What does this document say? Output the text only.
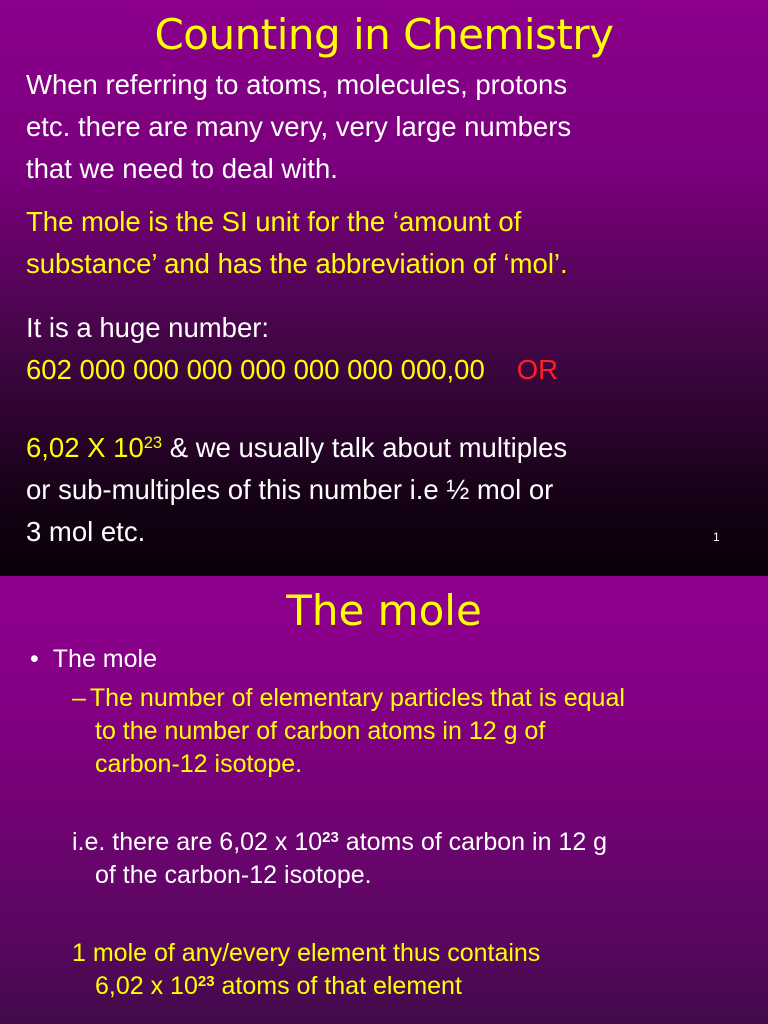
Counting in Chemistry
When referring to atoms, molecules, protons
etc. there are many very, very large numbers
that we need to deal with.
The mole is the SI unit for the ‘amount of
substance’ and has the abbreviation of ‘mol’.
It is a huge number:
602 000 000 000 000 000 000 000,00 OR
6,02 X $10^{23}$ & we usually talk about multiples
or sub-multiples of this number i.e ½ mol or
3 mol etc.	1
The mole
• The mole
– The number of elementary particles that is equal
to the number of carbon atoms in 12 g of
carbon-12 isotope.
i.e. there are 6,02 x $10^{23}$ atoms of carbon in 12 g
of the carbon-12 isotope.
1 mole of any/every element thus contains
6,02 x $10^{23}$ atoms of that element
